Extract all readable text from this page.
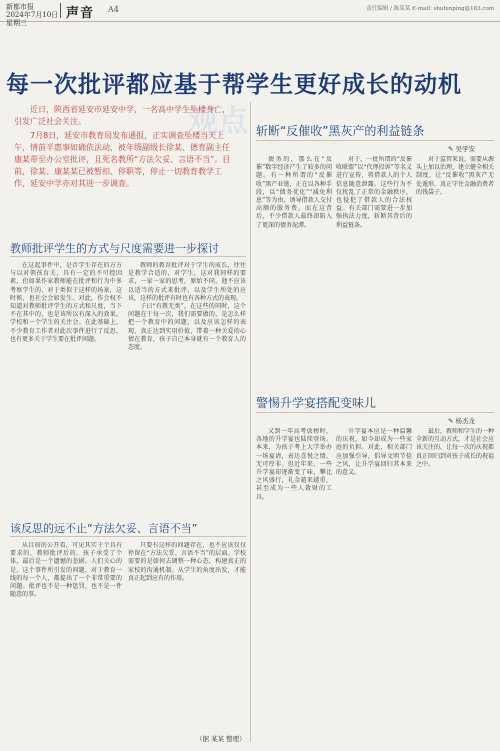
新都市报
2024年7月10日 星期三
声音 A4	责任编辑 / 陈某某 E-mail: shufenping@163.com
每一次批评都应基于帮学生更好成长的动机
观点

近日，陕西省延安市延安中学，一名高中学生坠楼身亡，引发广泛社会关注。

7月8日，延安市教育局发布通报，正实调查坠楼当天上午，情前半惠事如确依法动，被年级副级长徐某、德育副主任康某带至办公室批评，且死名教所“方法欠妥、言语不当”。目前，徐某、康某某已被暂扣、停职等，停止一切教育教学工作，延安中学亦对其进一步调查。

教师批评学生的方式与尺度需要进一步探讨

在这起事件中，是否学生存在的方方与以对领孩育关，具有一定的不可控因素，但如果作家教师能在批评和行为中多考察学生的、对于类似于这样的场景，这时候，也社会会如发生。对此，作会权不知道对教师批评学生的方式和尺度，当下不在其中的，也是该所以有深入的效果，学校和一个学生的关注会。在此基础上，不少教育工作者对此次事件进行了反思，也有更多关于学生要在批评问题。

教师的教育批评对于学生的成长，往往是教学合适的，对学生，这对我同样的要求，一家一家的思考，原始不同，他不应该以适当的方式来批评，以及学生所处的应该，这样的批评有时也有各种方式的表现。

子曰“有教无类”，在这些的同时，这个问题在于每一次，我们需要做的，是怎么样把一个教育中的问题，以及应该怎样的表现，真正达到实用价值，带着一种关爱的心情在教育，孩子自己本身就有一个教育人的态度。

该反思的远不止“方法欠妥、言语不当”

从目前的公开看，可见其实于个具有要求的，教师批评后的。孩子承受了个体，最后是一个遗憾的悲剧。人们关心的是，这个事件所引发的问题，对于教育一线的每一个人，都提出了一个非常重要的问题。批评也不是一种惩罚，也不是一件随意的事。

只要有这样的问题存在，也不应该仅仅停留在“方法欠妥、言语不当”的层面。学校需要的是如何去调整一种心态，构建真正的家校的沟通机制。从学生的角度出发，才能真正起到应有的作用。

（据 某某 整理）
斩断“反催收”黑灰产的利益链条
✎ 吴学安

债务的，那么在“反催”数字经济产生了较多的问题。有一种所谓的“反催收”黑产业链，正在以各种手段，以“债务优化”“减免利息”等为由，诱导借款人交付高额的服务费，而在这背后，不少借款人最终却陷入了更深的债务泥潭。

对于，一批所谓的“反催收联盟”以“代理投诉”等名义进行宣传，将借款人的个人信息随意泄露。这些行为不仅扰乱了正常的金融秩序，也侵犯了借款人的合法权益。有关部门需要进一步加强执法力度，斩断其背后的利益链条。

对于监管来说，需要从源头上加以治理，建立健全相关制度，让“反催收”黑灰产无处遁形，真正守住金融消费者的钱袋子。

警惕升学宴搭配变味儿
✎ 杨杰龙

又到一年高考放榜时，各地的升学宴也陆续登场。本来，为孩子考上大学举办一场宴请，表达喜悦之情，无可厚非。但近年来，一些升学宴却逐渐变了味，攀比之风盛行，礼金越来越重，甚至成为一些人敛财的工具。

升学宴本应是一种温馨的庆祝，如今却成为一些家庭的负担。对此，相关部门应加强引导，倡导文明节俭之风，让升学宴回归其本来的意义。

最后，教师和学生的一种全新的互动方式，才是社会应该关注的。让每一次的庆祝都真正回归到对孩子成长的祝福之中。
